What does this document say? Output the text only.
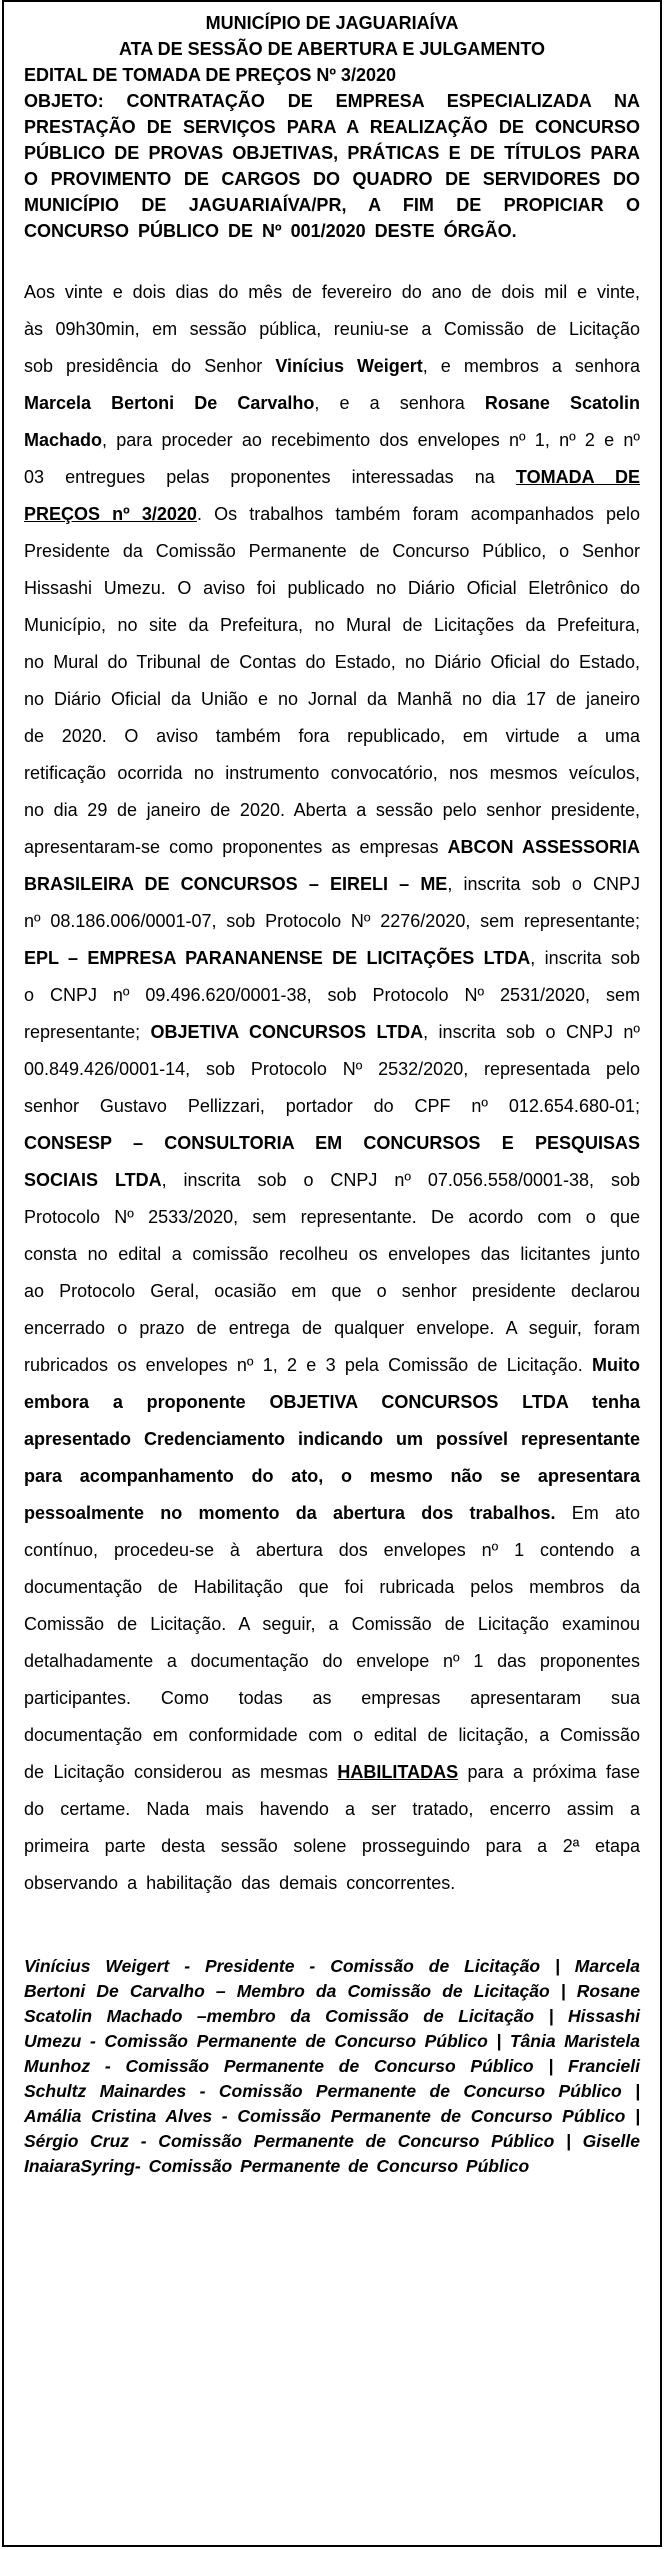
MUNICÍPIO DE JAGUARIAÍVA
ATA DE SESSÃO DE ABERTURA E JULGAMENTO
EDITAL DE TOMADA DE PREÇOS Nº 3/2020
OBJETO: CONTRATAÇÃO DE EMPRESA ESPECIALIZADA NA PRESTAÇÃO DE SERVIÇOS PARA A REALIZAÇÃO DE CONCURSO PÚBLICO DE PROVAS OBJETIVAS, PRÁTICAS E DE TÍTULOS PARA O PROVIMENTO DE CARGOS DO QUADRO DE SERVIDORES DO MUNICÍPIO DE JAGUARIAÍVA/PR, A FIM DE PROPICIAR O CONCURSO PÚBLICO DE Nº 001/2020 DESTE ÓRGÃO.

Aos vinte e dois dias do mês de fevereiro do ano de dois mil e vinte, às 09h30min, em sessão pública, reuniu-se a Comissão de Licitação sob presidência do Senhor Vinícius Weigert, e membros a senhora Marcela Bertoni De Carvalho, e a senhora Rosane Scatolin Machado, para proceder ao recebimento dos envelopes nº 1, nº 2 e nº 03 entregues pelas proponentes interessadas na TOMADA DE PREÇOS nº 3/2020. Os trabalhos também foram acompanhados pelo Presidente da Comissão Permanente de Concurso Público, o Senhor Hissashi Umezu. O aviso foi publicado no Diário Oficial Eletrônico do Município, no site da Prefeitura, no Mural de Licitações da Prefeitura, no Mural do Tribunal de Contas do Estado, no Diário Oficial do Estado, no Diário Oficial da União e no Jornal da Manhã no dia 17 de janeiro de 2020. O aviso também fora republicado, em virtude a uma retificação ocorrida no instrumento convocatório, nos mesmos veículos, no dia 29 de janeiro de 2020. Aberta a sessão pelo senhor presidente, apresentaram-se como proponentes as empresas ABCON ASSESSORIA BRASILEIRA DE CONCURSOS – EIRELI – ME, inscrita sob o CNPJ nº 08.186.006/0001-07, sob Protocolo Nº 2276/2020, sem representante; EPL – EMPRESA PARANANENSE DE LICITAÇÕES LTDA, inscrita sob o CNPJ nº 09.496.620/0001-38, sob Protocolo Nº 2531/2020, sem representante; OBJETIVA CONCURSOS LTDA, inscrita sob o CNPJ nº 00.849.426/0001-14, sob Protocolo Nº 2532/2020, representada pelo senhor Gustavo Pellizzari, portador do CPF nº 012.654.680-01; CONSESP – CONSULTORIA EM CONCURSOS E PESQUISAS SOCIAIS LTDA, inscrita sob o CNPJ nº 07.056.558/0001-38, sob Protocolo Nº 2533/2020, sem representante. De acordo com o que consta no edital a comissão recolheu os envelopes das licitantes junto ao Protocolo Geral, ocasião em que o senhor presidente declarou encerrado o prazo de entrega de qualquer envelope. A seguir, foram rubricados os envelopes nº 1, 2 e 3 pela Comissão de Licitação. Muito embora a proponente OBJETIVA CONCURSOS LTDA tenha apresentado Credenciamento indicando um possível representante para acompanhamento do ato, o mesmo não se apresentara pessoalmente no momento da abertura dos trabalhos. Em ato contínuo, procedeu-se à abertura dos envelopes nº 1 contendo a documentação de Habilitação que foi rubricada pelos membros da Comissão de Licitação. A seguir, a Comissão de Licitação examinou detalhadamente a documentação do envelope nº 1 das proponentes participantes. Como todas as empresas apresentaram sua documentação em conformidade com o edital de licitação, a Comissão de Licitação considerou as mesmas HABILITADAS para a próxima fase do certame. Nada mais havendo a ser tratado, encerro assim a primeira parte desta sessão solene prosseguindo para a 2ª etapa observando a habilitação das demais concorrentes.

Vinícius Weigert - Presidente - Comissão de Licitação | Marcela Bertoni De Carvalho – Membro da Comissão de Licitação | Rosane Scatolin Machado –membro da Comissão de Licitação | Hissashi Umezu - Comissão Permanente de Concurso Público | Tânia Maristela Munhoz - Comissão Permanente de Concurso Público | Francieli Schultz Mainardes - Comissão Permanente de Concurso Público | Amália Cristina Alves - Comissão Permanente de Concurso Público | Sérgio Cruz - Comissão Permanente de Concurso Público | Giselle InaiaraSyring- Comissão Permanente de Concurso Público
